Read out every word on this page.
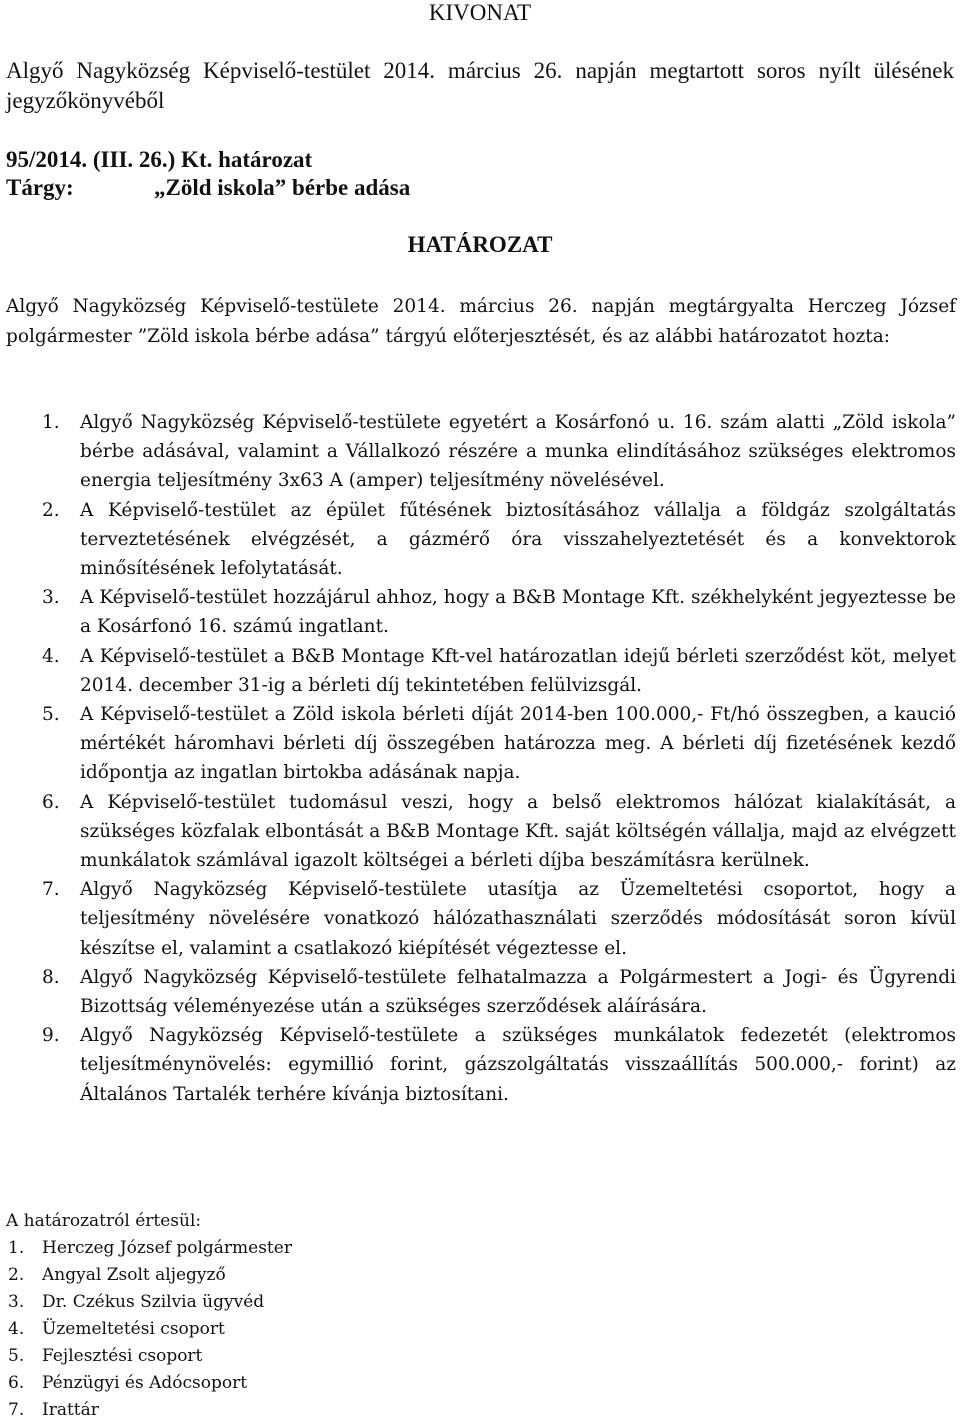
KIVONAT
Algyő Nagyközség Képviselő-testület 2014. március 26. napján megtartott soros nyílt ülésének jegyzőkönyvéből
95/2014. (III. 26.) Kt. határozat
Tárgy:	„Zöld iskola” bérbe adása
HATÁROZAT
Algyő Nagyközség Képviselő-testülete 2014. március 26. napján megtárgyalta Herczeg József polgármester ”Zöld iskola bérbe adása” tárgyú előterjesztését, és az alábbi határozatot hozta:
1. Algyő Nagyközség Képviselő-testülete egyetért a Kosárfonó u. 16. szám alatti „Zöld iskola” bérbe adásával, valamint a Vállalkozó részére a munka elindításához szükséges elektromos energia teljesítmény 3x63 A (amper) teljesítmény növelésével.
2. A Képviselő-testület az épület fűtésének biztosításához vállalja a földgáz szolgáltatás terveztetésének elvégzését, a gázmérő óra visszahelyeztetését és a konvektorok minősítésének lefolytatását.
3. A Képviselő-testület hozzájárul ahhoz, hogy a B&B Montage Kft. székhelyként jegyeztesse be a Kosárfonó 16. számú ingatlant.
4. A Képviselő-testület a B&B Montage Kft-vel határozatlan idejű bérleti szerződést köt, melyet 2014. december 31-ig a bérleti díj tekintetében felülvizsgál.
5. A Képviselő-testület a Zöld iskola bérleti díját 2014-ben 100.000,- Ft/hó összegben, a kaució mértékét háromhavi bérleti díj összegében határozza meg. A bérleti díj fizetésének kezdő időpontja az ingatlan birtokba adásának napja.
6. A Képviselő-testület tudomásul veszi, hogy a belső elektromos hálózat kialakítását, a szükséges közfalak elbontását a B&B Montage Kft. saját költségén vállalja, majd az elvégzett munkálatok számlával igazolt költségei a bérleti díjba beszámításra kerülnek.
7. Algyő Nagyközség Képviselő-testülete utasítja az Üzemeltetési csoportot, hogy a teljesítmény növelésére vonatkozó hálózathasználati szerződés módosítását soron kívül készítse el, valamint a csatlakozó kiépítését végeztesse el.
8. Algyő Nagyközség Képviselő-testülete felhatalmazza a Polgármestert a Jogi- és Ügyrendi Bizottság véleményezése után a szükséges szerződések aláírására.
9. Algyő Nagyközség Képviselő-testülete a szükséges munkálatok fedezetét (elektromos teljesítménynövelés: egymillió forint, gázszolgáltatás visszaállítás 500.000,- forint) az Általános Tartalék terhére kívánja biztosítani.
A határozatról értesül:
1. Herczeg József polgármester
2. Angyal Zsolt aljegyző
3. Dr. Czékus Szilvia ügyvéd
4. Üzemeltetési csoport
5. Fejlesztési csoport
6. Pénzügyi és Adócsoport
7. Irattár
